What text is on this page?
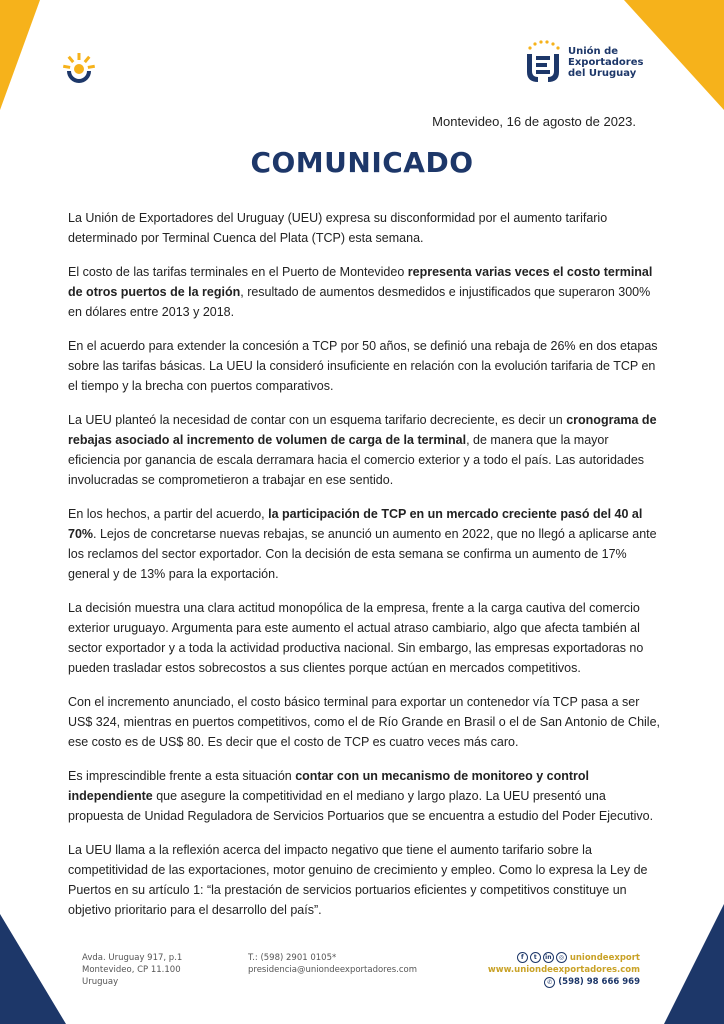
Unión de
Exportadores
del Uruguay
Montevideo, 16 de agosto de 2023.
COMUNICADO

La Unión de Exportadores del Uruguay (UEU) expresa su disconformidad por el aumento tarifario determinado por Terminal Cuenca del Plata (TCP) esta semana.

El costo de las tarifas terminales en el Puerto de Montevideo representa varias veces el costo terminal de otros puertos de la región, resultado de aumentos desmedidos e injustificados que superaron 300% en dólares entre 2013 y 2018.

En el acuerdo para extender la concesión a TCP por 50 años, se definió una rebaja de 26% en dos etapas sobre las tarifas básicas. La UEU la consideró insuficiente en relación con la evolución tarifaria de TCP en el tiempo y la brecha con puertos comparativos.

La UEU planteó la necesidad de contar con un esquema tarifario decreciente, es decir un cronograma de rebajas asociado al incremento de volumen de carga de la terminal, de manera que la mayor eficiencia por ganancia de escala derramara hacia el comercio exterior y a todo el país. Las autoridades involucradas se comprometieron a trabajar en ese sentido.

En los hechos, a partir del acuerdo, la participación de TCP en un mercado creciente pasó del 40 al 70%. Lejos de concretarse nuevas rebajas, se anunció un aumento en 2022, que no llegó a aplicarse ante los reclamos del sector exportador. Con la decisión de esta semana se confirma un aumento de 17% general y de 13% para la exportación.

La decisión muestra una clara actitud monopólica de la empresa, frente a la carga cautiva del comercio exterior uruguayo. Argumenta para este aumento el actual atraso cambiario, algo que afecta también al sector exportador y a toda la actividad productiva nacional. Sin embargo, las empresas exportadoras no pueden trasladar estos sobrecostos a sus clientes porque actúan en mercados competitivos.

Con el incremento anunciado, el costo básico terminal para exportar un contenedor vía TCP pasa a ser US$ 324, mientras en puertos competitivos, como el de Río Grande en Brasil o el de San Antonio de Chile, ese costo es de US$ 80. Es decir que el costo de TCP es cuatro veces más caro.

Es imprescindible frente a esta situación contar con un mecanismo de monitoreo y control independiente que asegure la competitividad en el mediano y largo plazo. La UEU presentó una propuesta de Unidad Reguladora de Servicios Portuarios que se encuentra a estudio del Poder Ejecutivo.

La UEU llama a la reflexión acerca del impacto negativo que tiene el aumento tarifario sobre la competitividad de las exportaciones, motor genuino de crecimiento y empleo. Como lo expresa la Ley de Puertos en su artículo 1: “la prestación de servicios portuarios eficientes y competitivos constituye un objetivo prioritario para el desarrollo del país”.

Avda. Uruguay 917, p.1
Montevideo, CP 11.100
Uruguay
T.: (598) 2901 0105*
presidencia@uniondeexportadores.com
f	t	in	◎ uniondeexport
www.uniondeexportadores.com
✆ (598) 98 666 969
